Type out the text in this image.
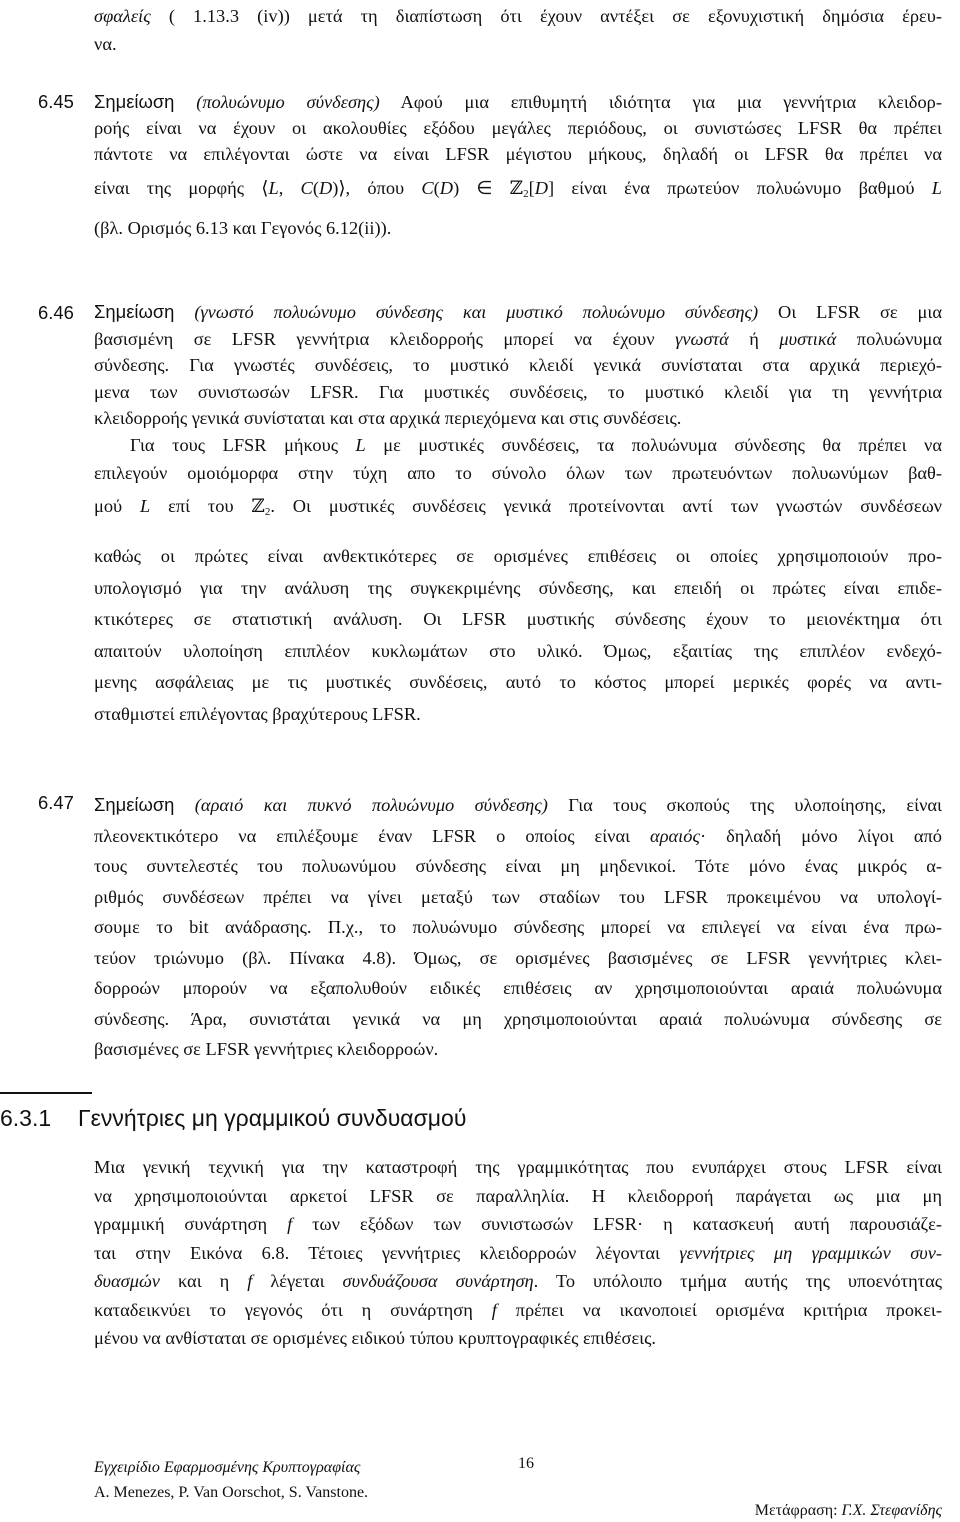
σφαλείς ( 1.13.3 (iv)) μετά τη διαπίστωση ότι έχουν αντέξει σε εξονυχιστική δημόσια έρευ-
να.
6.45 Σημείωση (πολυώνυμο σύνδεσης) Αφού μια επιθυμητή ιδιότητα για μια γεννήτρια κλειδορ-
ροής είναι να έχουν οι ακολουθίες εξόδου μεγάλες περιόδους, οι συνιστώσες LFSR θα πρέπει
πάντοτε να επιλέγονται ώστε να είναι LFSR μέγιστου μήκους, δηλαδή οι LFSR θα πρέπει να
είναι της μορφής ⟨L, C(D)⟩, όπου C(D) ∈ ℤ$_2$[D] είναι ένα πρωτεύον πολυώνυμο βαθμού L
(βλ. Ορισμός 6.13 και Γεγονός 6.12(ii)).
6.46 Σημείωση (γνωστό πολυώνυμο σύνδεσης και μυστικό πολυώνυμο σύνδεσης) Οι LFSR σε μια
βασισμένη σε LFSR γεννήτρια κλειδορροής μπορεί να έχουν γνωστά ή μυστικά πολυώνυμα
σύνδεσης. Για γνωστές συνδέσεις, το μυστικό κλειδί γενικά συνίσταται στα αρχικά περιεχό-
μενα των συνιστωσών LFSR. Για μυστικές συνδέσεις, το μυστικό κλειδί για τη γεννήτρια
κλειδορροής γενικά συνίσταται και στα αρχικά περιεχόμενα και στις συνδέσεις.
Για τους LFSR μήκους L με μυστικές συνδέσεις, τα πολυώνυμα σύνδεσης θα πρέπει να
επιλεγούν ομοιόμορφα στην τύχη απο το σύνολο όλων των πρωτευόντων πολυωνύμων βαθ-
μού L επί του ℤ$_2$. Οι μυστικές συνδέσεις γενικά προτείνονται αντί των γνωστών συνδέσεων
καθώς οι πρώτες είναι ανθεκτικότερες σε ορισμένες επιθέσεις οι οποίες χρησιμοποιούν προ-
υπολογισμό για την ανάλυση της συγκεκριμένης σύνδεσης, και επειδή οι πρώτες είναι επιδε-
κτικότερες σε στατιστική ανάλυση. Οι LFSR μυστικής σύνδεσης έχουν το μειονέκτημα ότι
απαιτούν υλοποίηση επιπλέον κυκλωμάτων στο υλικό. Όμως, εξαιτίας της επιπλέον ενδεχό-
μενης ασφάλειας με τις μυστικές συνδέσεις, αυτό το κόστος μπορεί μερικές φορές να αντι-
σταθμιστεί επιλέγοντας βραχύτερους LFSR.
6.47 Σημείωση (αραιό και πυκνό πολυώνυμο σύνδεσης) Για τους σκοπούς της υλοποίησης, είναι
πλεονεκτικότερο να επιλέξουμε έναν LFSR ο οποίος είναι αραιός· δηλαδή μόνο λίγοι από
τους συντελεστές του πολυωνύμου σύνδεσης είναι μη μηδενικοί. Τότε μόνο ένας μικρός α-
ριθμός συνδέσεων πρέπει να γίνει μεταξύ των σταδίων του LFSR προκειμένου να υπολογί-
σουμε το bit ανάδρασης. Π.χ., το πολυώνυμο σύνδεσης μπορεί να επιλεγεί να είναι ένα πρω-
τεύον τριώνυμο (βλ. Πίνακα 4.8). Όμως, σε ορισμένες βασισμένες σε LFSR γεννήτριες κλει-
δορροών μπορούν να εξαπολυθούν ειδικές επιθέσεις αν χρησιμοποιούνται αραιά πολυώνυμα
σύνδεσης. Άρα, συνιστάται γενικά να μη χρησιμοποιούνται αραιά πολυώνυμα σύνδεσης σε
βασισμένες σε LFSR γεννήτριες κλειδορροών.
6.3.1 Γεννήτριες μη γραμμικού συνδυασμού
Μια γενική τεχνική για την καταστροφή της γραμμικότητας που ενυπάρχει στους LFSR είναι
να χρησιμοποιούνται αρκετοί LFSR σε παραλληλία. Η κλειδορροή παράγεται ως μια μη
γραμμική συνάρτηση f των εξόδων των συνιστωσών LFSR· η κατασκευή αυτή παρουσιάζε-
ται στην Εικόνα 6.8. Τέτοιες γεννήτριες κλειδορροών λέγονται γεννήτριες μη γραμμικών συν-
δυασμών και η f λέγεται συνδυάζουσα συνάρτηση. Το υπόλοιπο τμήμα αυτής της υποενότητας
καταδεικνύει το γεγονός ότι η συνάρτηση f πρέπει να ικανοποιεί ορισμένα κριτήρια προκει-
μένου να ανθίσταται σε ορισμένες ειδικού τύπου κρυπτογραφικές επιθέσεις.
Εγχειρίδιο Εφαρμοσμένης Κρυπτογραφίας
A. Menezes, P. Van Oorschot, S. Vanstone.
16
Μετάφραση: Γ.Χ. Στεφανίδης
